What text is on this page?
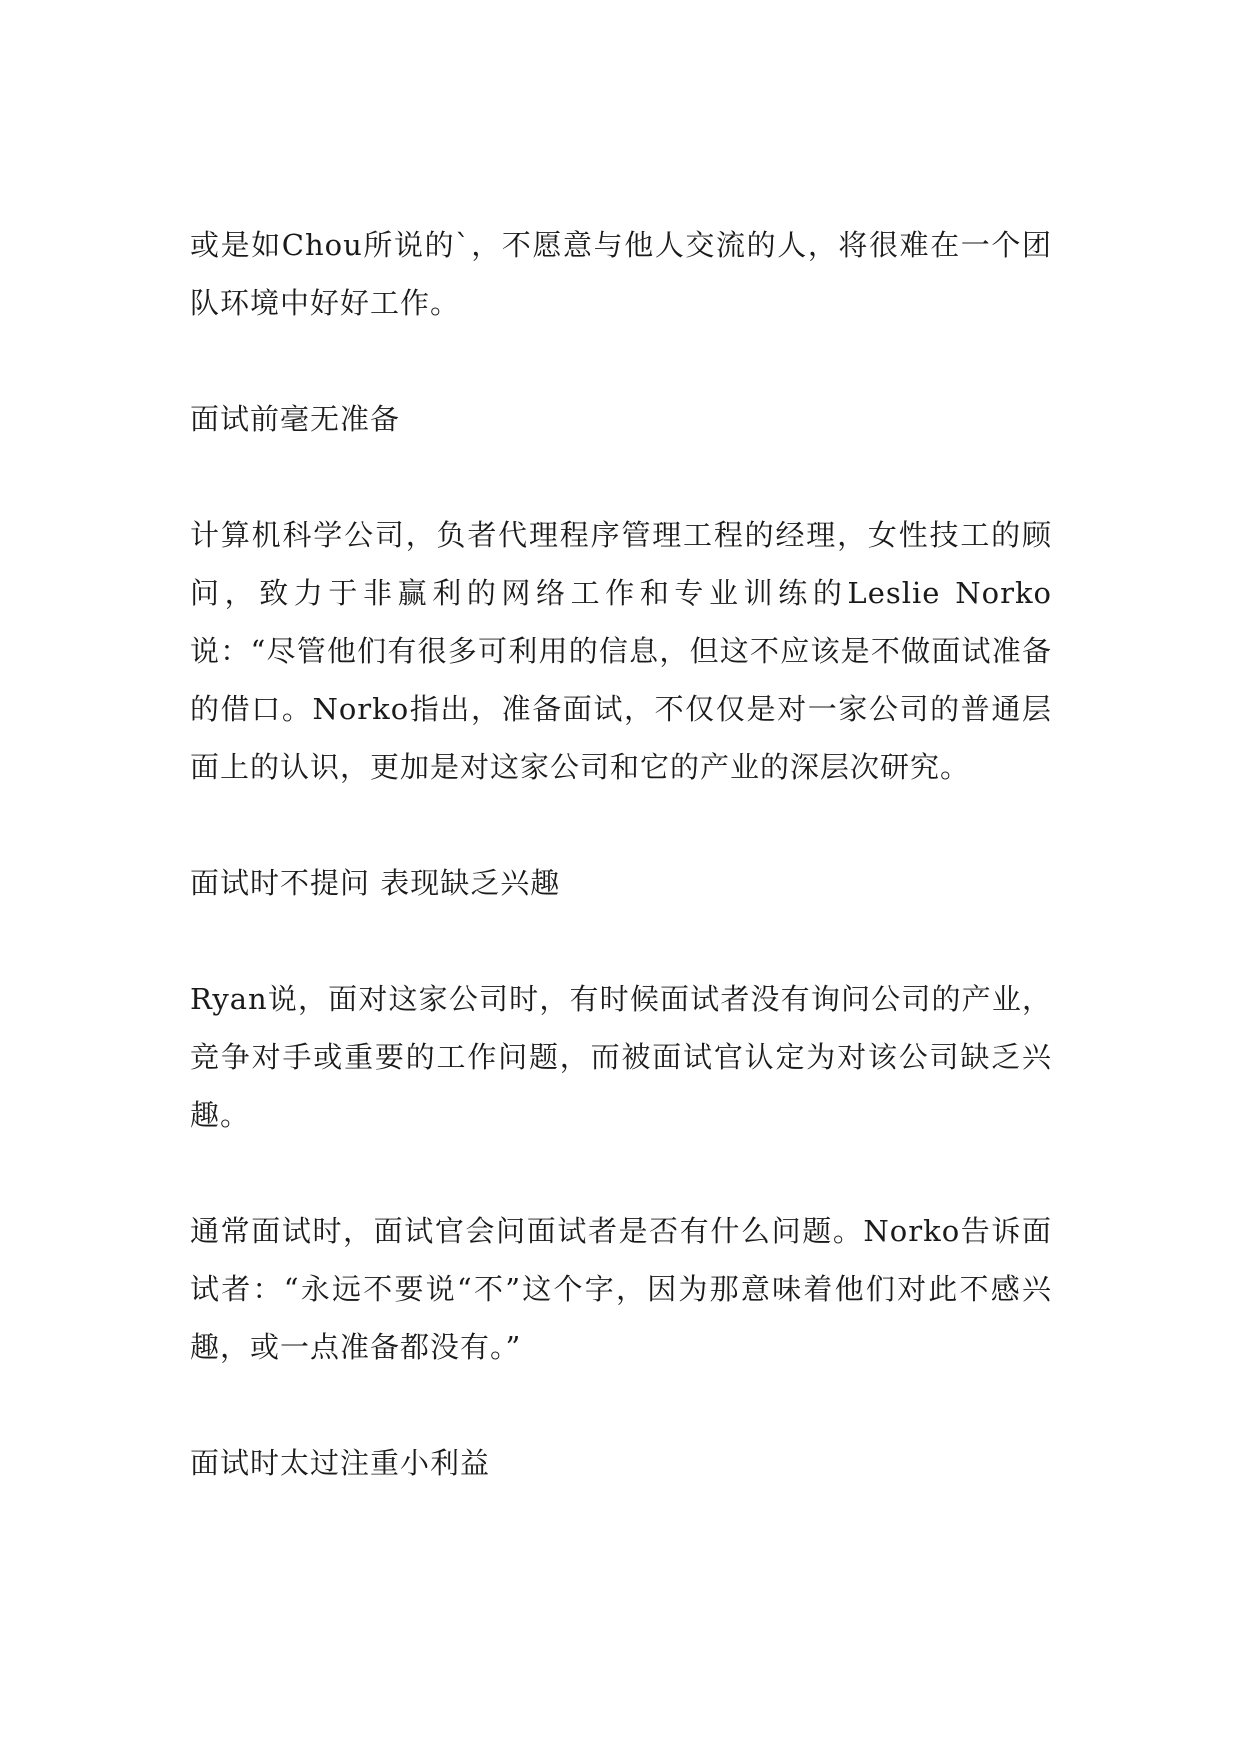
或是如Chou所说的`，不愿意与他人交流的人，将很难在一个团队环境中好好工作。

面试前毫无准备

计算机科学公司，负者代理程序管理工程的经理，女性技工的顾问，致力于非赢利的网络工作和专业训练的Leslie Norko说：“尽管他们有很多可利用的信息，但这不应该是不做面试准备的借口。Norko指出，准备面试，不仅仅是对一家公司的普通层面上的认识，更加是对这家公司和它的产业的深层次研究。

面试时不提问 表现缺乏兴趣

Ryan说，面对这家公司时，有时候面试者没有询问公司的产业，竞争对手或重要的工作问题，而被面试官认定为对该公司缺乏兴趣。

通常面试时，面试官会问面试者是否有什么问题。Norko告诉面试者：“永远不要说“不”这个字，因为那意味着他们对此不感兴趣，或一点准备都没有。”

面试时太过注重小利益
